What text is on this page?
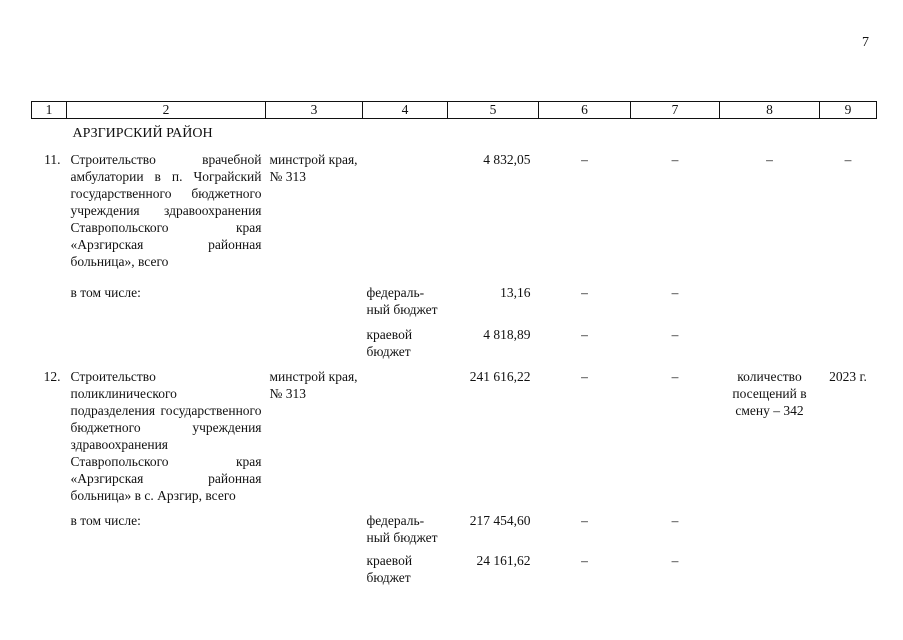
7
1	2	3	4	5	6	7	8	9
	АРЗГИРСКИЙ РАЙОН							
11.	Строительство врачебной амбулатории в п. Чограйский государственного бюджетного учреждения здравоохранения Ставропольского края «Арзгирская районная больница», всего	минстрой края, № 313		4 832,05	–	–	–	–

	в том числе:		федераль-ный бюджет	13,16	–	–		

			краевой бюджет	4 818,89	–	–		

12.	Строительство поликлинического подразделения государственного бюджетного учреждения здравоохранения Ставропольского края «Арзгирская районная больница» в с. Арзгир, всего	минстрой края, № 313		241 616,22	–	–	количество посещений в смену – 342	2023 г.

	в том числе:		федераль-ный бюджет	217 454,60	–	–		

			краевой бюджет	24 161,62	–	–		
